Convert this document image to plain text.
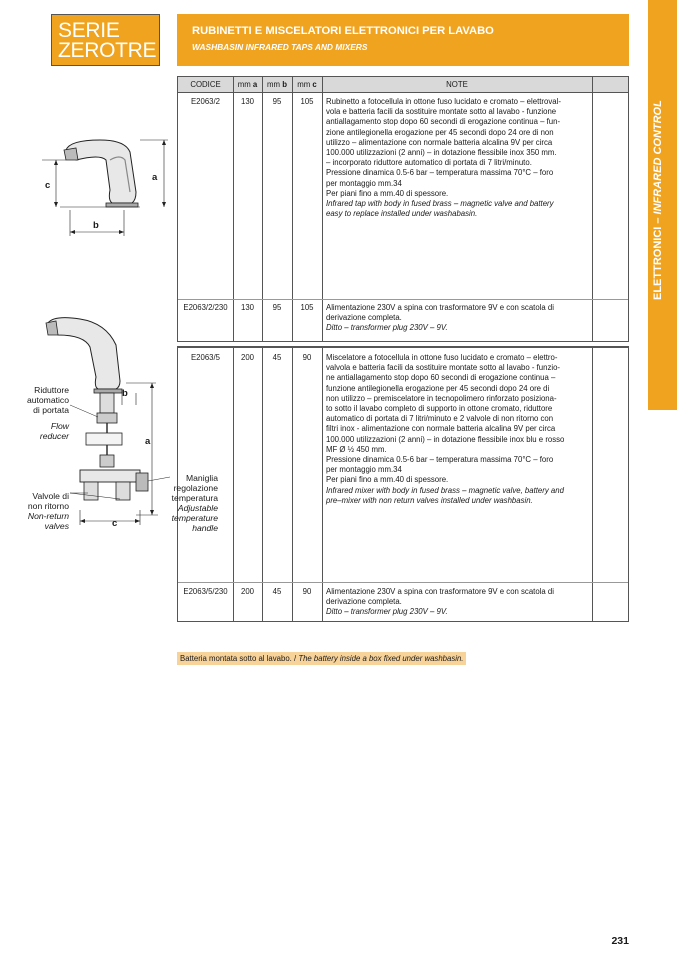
SERIE
ZEROTRE
RUBINETTI E MISCELATORI ELETTRONICI PER LAVABO
WASHBASIN INFRARED TAPS AND MIXERS
ELETTRONICI – INFRARED CONTROL
CODICE	mm a	mm b	mm c	NOTE
E2063/2	130	95	105	Rubinetto a fotocellula in ottone fuso lucidato e cromato – elettroval-
vola e batteria facili da sostituire montate sotto al lavabo - funzione
antiallagamento stop dopo 60 secondi di erogazione continua – fun-
zione antilegionella erogazione per 45 secondi dopo 24 ore di non
utilizzo – alimentazione con normale batteria alcalina 9V per circa
100.000 utilizzazioni (2 anni) – in dotazione flessibile inox 350 mm.
– incorporato riduttore automatico di portata di 7 litri/minuto.
Pressione dinamica 0.5-6 bar – temperatura massima 70°C – foro
per montaggio mm.34
Per piani fino a mm.40 di spessore.
Infrared tap with body in fused brass – magnetic valve and battery
easy to replace installed under washabasin.
E2063/2/230	130	95	105	Alimentazione 230V a spina con trasformatore 9V e con scatola di
derivazione completa.
Ditto – transformer plug 230V – 9V.
E2063/5	200	45	90	Miscelatore a fotocellula in ottone fuso lucidato e cromato – elettro-
valvola e batteria facili da sostituire montate sotto al lavabo - funzio-
ne antiallagamento stop dopo 60 secondi di erogazione continua –
funzione antilegionella erogazione per 45 secondi dopo 24 ore di
non utilizzo – premiscelatore in tecnopolimero rinforzato posiziona-
to sotto il lavabo completo di supporto in ottone cromato, riduttore
automatico di portata di 7 litri/minuto e 2 valvole di non ritorno con
filtri inox - alimentazione con normale batteria alcalina 9V per circa
100.000 utilizzazioni (2 anni) – in dotazione flessibile inox blu e rosso
MF Ø ½ 450 mm.
Pressione dinamica 0.5-6 bar – temperatura massima 70°C – foro
per montaggio mm.34
Per piani fino a mm.40 di spessore.
Infrared mixer with body in fused brass – magnetic valve, battery and
pre–mixer with non return valves installed under washbasin.
E2063/5/230	200	45	90	Alimentazione 230V a spina con trasformatore 9V e con scatola di
derivazione completa.
Ditto – transformer plug 230V – 9V.
a
c
b
b
a
c
Riduttore
automatico
di portata
Flow
reducer
Valvole di
non ritorno
Non-return
valves
Maniglia
regolazione
temperatura
Adjustable
temperature
handle
Batteria montata sotto al lavabo. / The battery inside a box fixed under washbasin.
231
